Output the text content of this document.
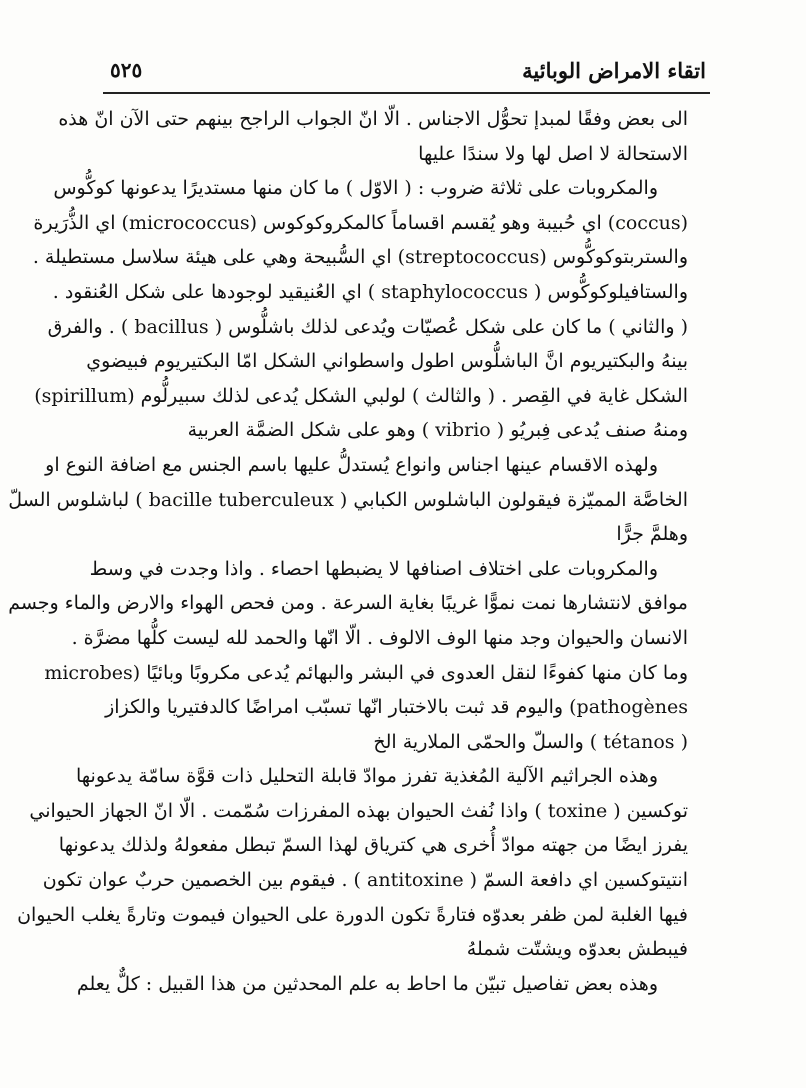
اتقاء الامراض الوبائية
٥٢٥
الى بعض وفقًا لمبدإ تحوُّل الاجناس . الّا انّ الجواب الراجح بينهم حتى الآن انّ هذه
الاستحالة لا اصل لها ولا سندًا عليها
والمكروبات على ثلاثة ضروب : ( الاوّل ) ما كان منها مستديرًا يدعونها كوكُّوس
(coccus) اي حُبيبة وهو يُقسم اقساماً كالمكروكوكوس (micrococcus) اي الذُّرَيرة
والستربتوكوكُّوس (streptococcus) اي السُّبيحة وهي على هيئة سلاسل مستطيلة .
والستافيلوكوكُّوس ( staphylococcus ) اي العُنيقيد لوجودها على شكل العُنقود .
( والثاني ) ما كان على شكل عُصيّات ويُدعى لذلك باشلُّوس ( bacillus ) . والفرق
بينهُ والبكتيريوم انَّ الباشلُّوس اطول واسطواني الشكل امّا البكتيريوم فبيضوي
الشكل غاية في القِصر . ( والثالث ) لولبي الشكل يُدعى لذلك سبيرلُّوم (spirillum)
ومنهُ صنف يُدعى فِبريُو ( vibrio ) وهو على شكل الضمَّة العربية
ولهذه الاقسام عينها اجناس وانواع يُستدلُّ عليها باسم الجنس مع اضافة النوع او
الخاصَّة المميّزة فيقولون الباشلوس الكبابي ( bacille tuberculeux ) لباشلوس السلّ
وهلمَّ جرًّا
والمكروبات على اختلاف اصنافها لا يضبطها احصاء . واذا وجدت في وسط
موافق لانتشارها نمت نموًّا غريبًا بغاية السرعة . ومن فحص الهواء والارض والماء وجسم
الانسان والحيوان وجد منها الوف الالوف . الّا انّها والحمد لله ليست كلُّها مضرَّة .
وما كان منها كفوءًا لنقل العدوى في البشر والبهائم يُدعى مكروبًا وبائيًا (microbes
pathogènes) واليوم قد ثبت بالاختبار انّها تسبّب امراضًا كالدفتيريا والكزاز
( tétanos ) والسلّ والحمّى الملارية الخ
وهذه الجراثيم الآلية المُغذية تفرز موادّ قابلة التحليل ذات قوَّة سامّة يدعونها
توكسين ( toxine ) واذا نُفث الحيوان بهذه المفرزات سُمّمت . الّا انّ الجهاز الحيواني
يفرز ايضًا من جهته موادّ أُخرى هي كترياق لهذا السمّ تبطل مفعولهُ ولذلك يدعونها
انتيتوكسين اي دافعة السمّ ( antitoxine ) . فيقوم بين الخصمين حربٌ عوان تكون
فيها الغلبة لمن ظفر بعدوّه فتارةً تكون الدورة على الحيوان فيموت وتارةً يغلب الحيوان
فيبطش بعدوّه ويشتّت شملهُ
وهذه بعض تفاصيل تبيّن ما احاط به علم المحدثين من هذا القبيل : كلٌّ يعلم
